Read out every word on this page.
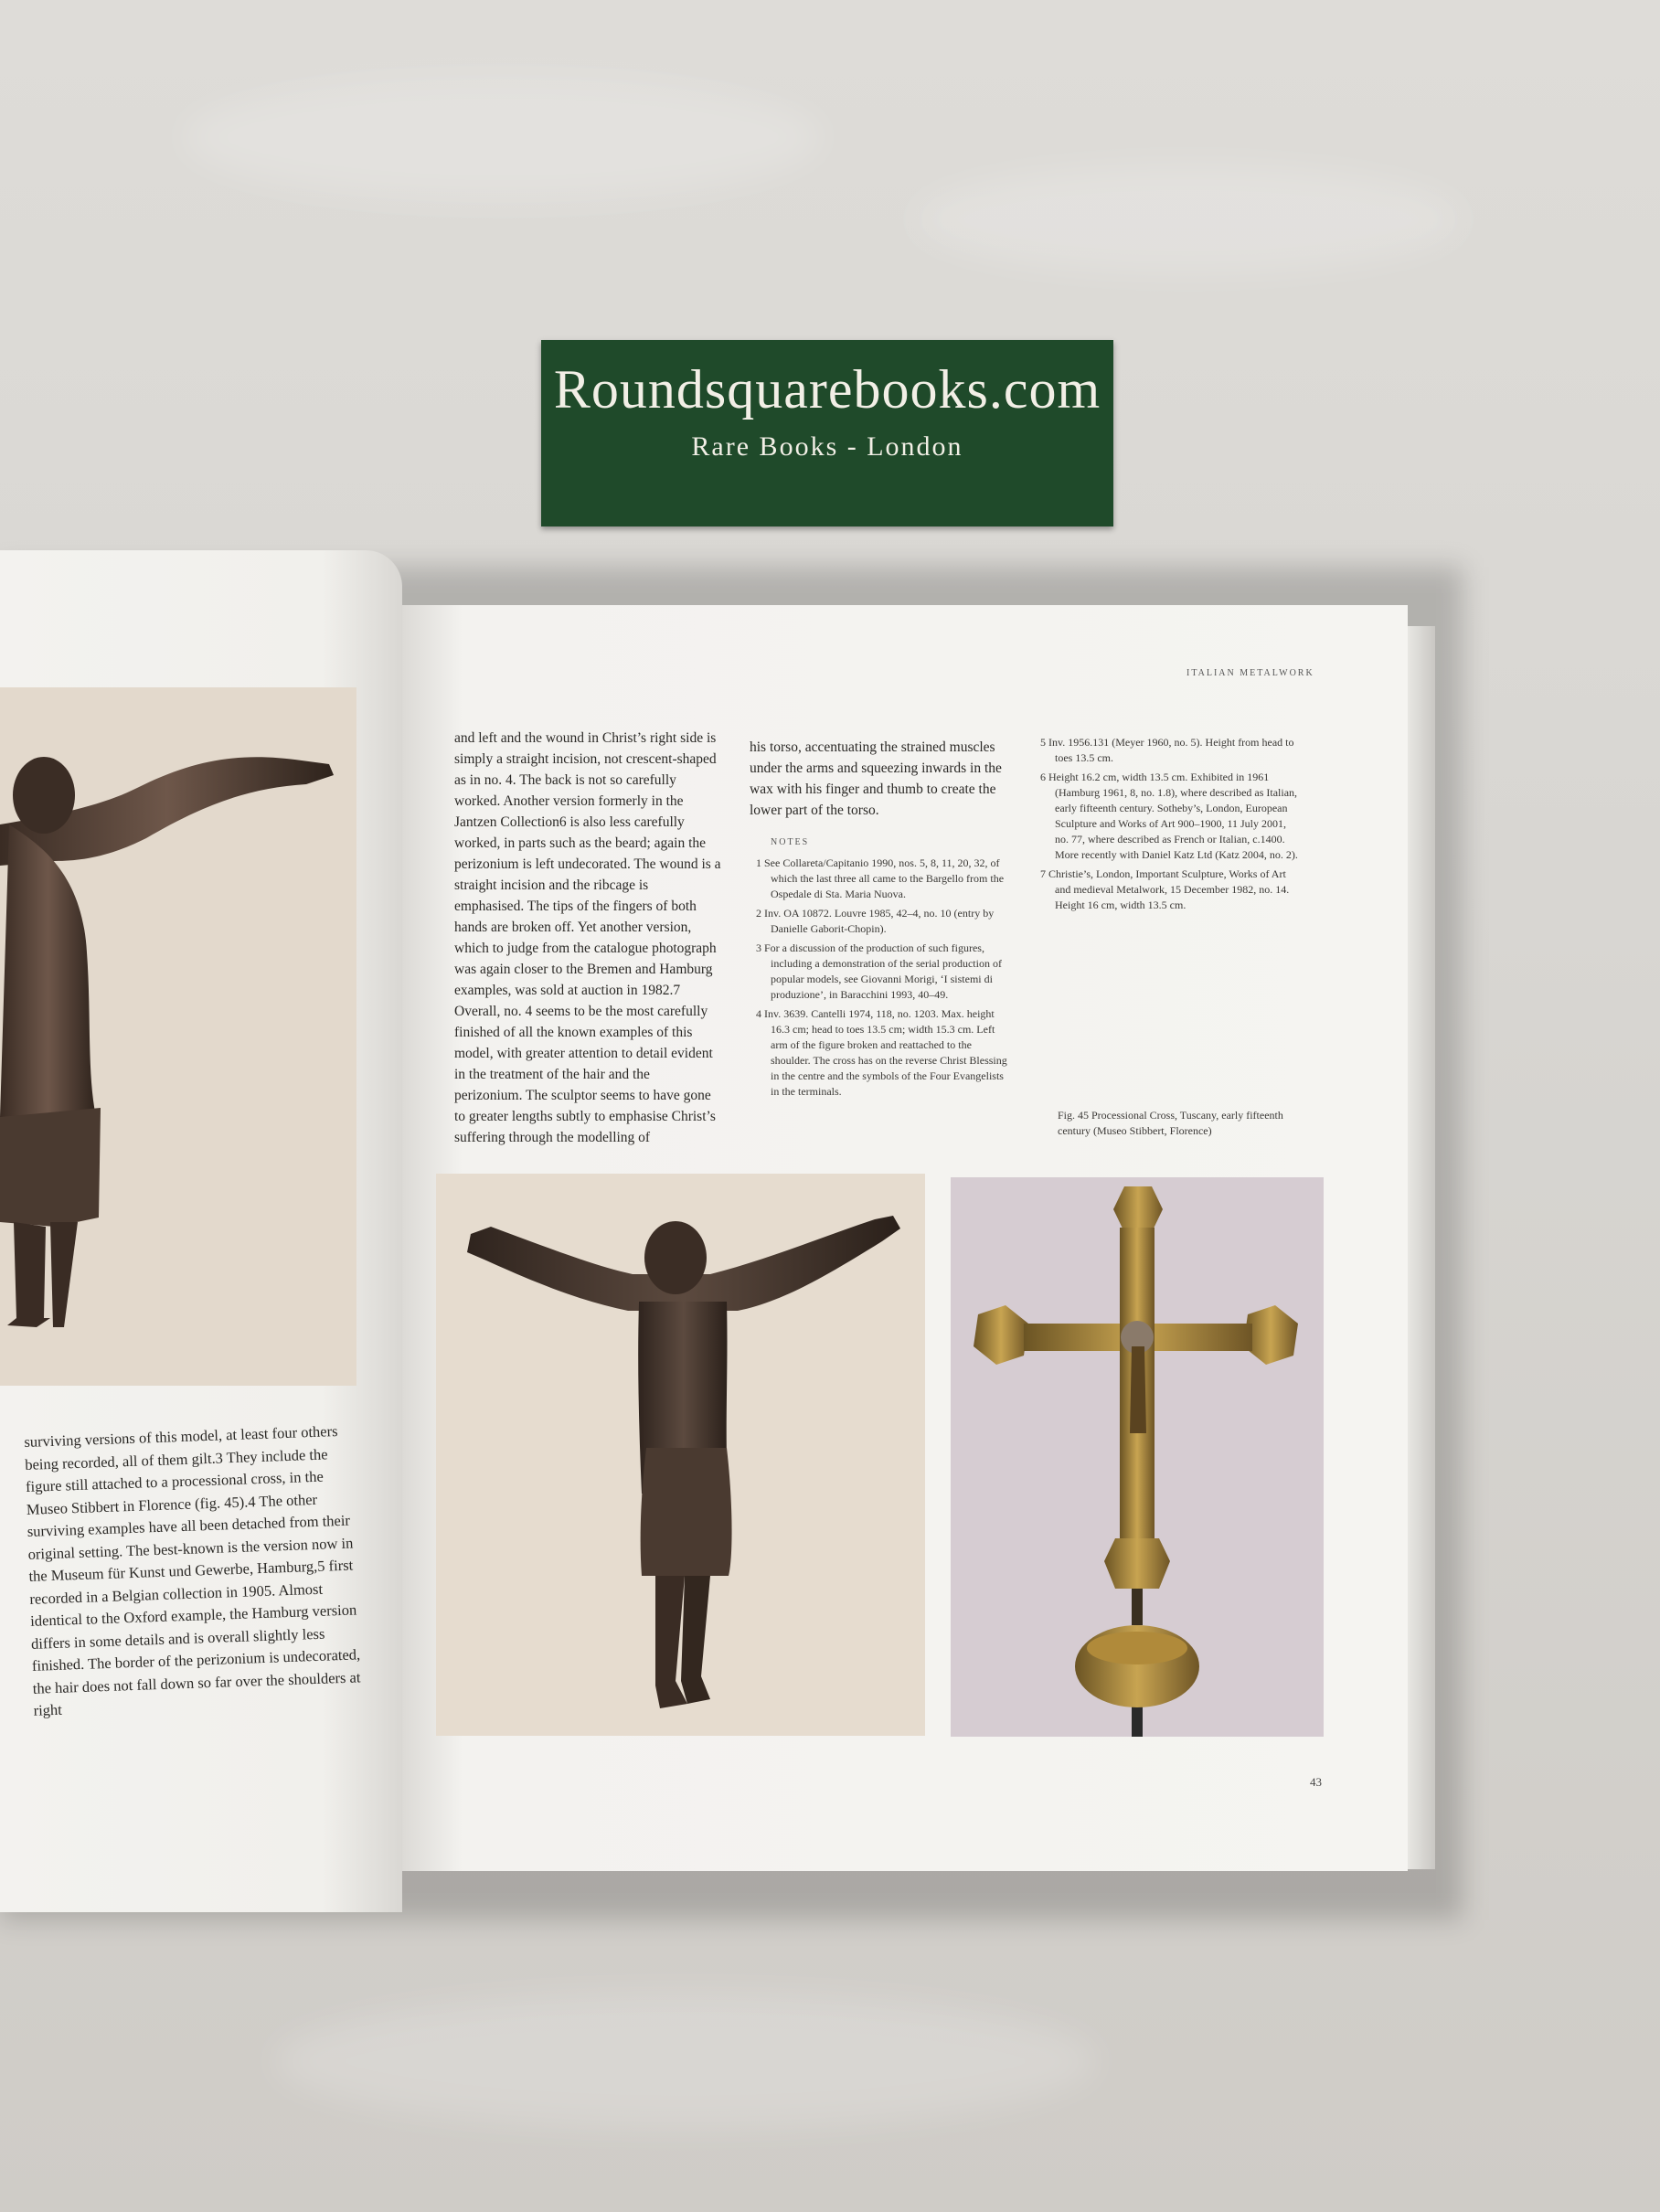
Roundsquarebooks.com
Rare Books - London
surviving versions of this model, at least four others being recorded, all of them gilt.3 They include the figure still attached to a processional cross, in the Museo Stibbert in Florence (fig. 45).4 The other surviving examples have all been detached from their original setting. The best-known is the version now in the Museum für Kunst und Gewerbe, Hamburg,5 first recorded in a Belgian collection in 1905. Almost identical to the Oxford example, the Hamburg version differs in some details and is overall slightly less finished. The border of the perizonium is undecorated, the hair does not fall down so far over the shoulders at right
ITALIAN METALWORK
and left and the wound in Christ’s right side is simply a straight incision, not crescent-shaped as in no. 4. The back is not so carefully worked. Another version formerly in the Jantzen Collection6 is also less carefully worked, in parts such as the beard; again the perizonium is left undecorated. The wound is a straight incision and the ribcage is emphasised. The tips of the fingers of both hands are broken off. Yet another version, which to judge from the catalogue photograph was again closer to the Bremen and Hamburg examples, was sold at auction in 1982.7 Overall, no. 4 seems to be the most carefully finished of all the known examples of this model, with greater attention to detail evident in the treatment of the hair and the perizonium. The sculptor seems to have gone to greater lengths subtly to emphasise Christ’s suffering through the modelling of
his torso, accentuating the strained muscles under the arms and squeezing inwards in the wax with his finger and thumb to create the lower part of the torso.
NOTES

1 See Collareta/Capitanio 1990, nos. 5, 8, 11, 20, 32, of which the last three all came to the Bargello from the Ospedale di Sta. Maria Nuova.

2 Inv. OA 10872. Louvre 1985, 42–4, no. 10 (entry by Danielle Gaborit-Chopin).

3 For a discussion of the production of such figures, including a demonstration of the serial production of popular models, see Giovanni Morigi, ‘I sistemi di produzione’, in Baracchini 1993, 40–49.

4 Inv. 3639. Cantelli 1974, 118, no. 1203. Max. height 16.3 cm; head to toes 13.5 cm; width 15.3 cm. Left arm of the figure broken and reattached to the shoulder. The cross has on the reverse Christ Blessing in the centre and the symbols of the Four Evangelists in the terminals.

5 Inv. 1956.131 (Meyer 1960, no. 5). Height from head to toes 13.5 cm.

6 Height 16.2 cm, width 13.5 cm. Exhibited in 1961 (Hamburg 1961, 8, no. 1.8), where described as Italian, early fifteenth century. Sotheby’s, London, European Sculpture and Works of Art 900–1900, 11 July 2001, no. 77, where described as French or Italian, c.1400. More recently with Daniel Katz Ltd (Katz 2004, no. 2).

7 Christie’s, London, Important Sculpture, Works of Art and medieval Metalwork, 15 December 1982, no. 14. Height 16 cm, width 13.5 cm.

Fig. 45 Processional Cross, Tuscany, early fifteenth century (Museo Stibbert, Florence)
43
